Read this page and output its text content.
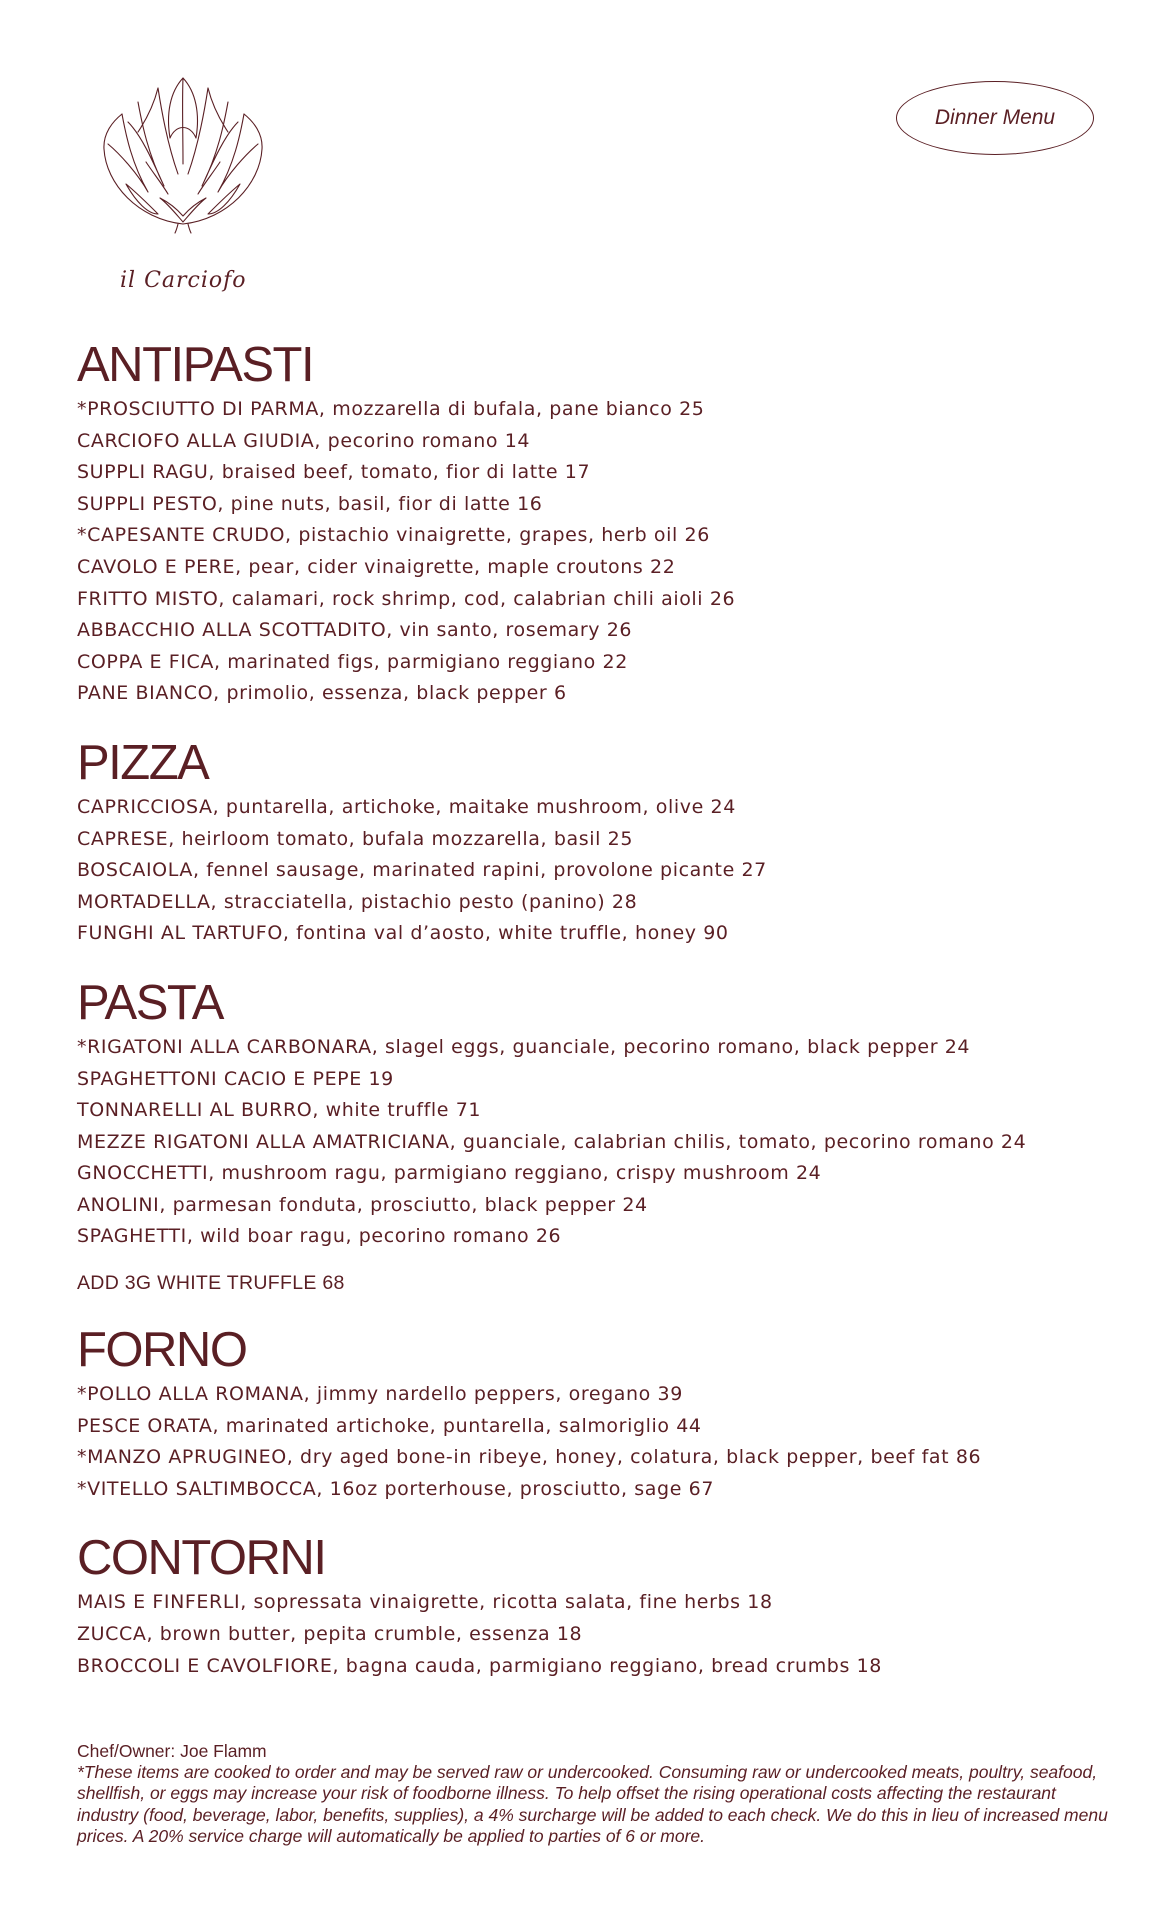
il Carciofo
Dinner Menu
ANTIPASTI
*PROSCIUTTO DI PARMA, mozzarella di bufala, pane bianco 25
CARCIOFO ALLA GIUDIA, pecorino romano 14
SUPPLI RAGU, braised beef, tomato, fior di latte 17
SUPPLI PESTO, pine nuts, basil, fior di latte 16
*CAPESANTE CRUDO, pistachio vinaigrette, grapes, herb oil 26
CAVOLO E PERE, pear, cider vinaigrette, maple croutons 22
FRITTO MISTO, calamari, rock shrimp, cod, calabrian chili aioli 26
ABBACCHIO ALLA SCOTTADITO, vin santo, rosemary 26
COPPA E FICA, marinated figs, parmigiano reggiano 22
PANE BIANCO, primolio, essenza, black pepper 6
PIZZA
CAPRICCIOSA, puntarella, artichoke, maitake mushroom, olive 24
CAPRESE, heirloom tomato, bufala mozzarella, basil 25
BOSCAIOLA, fennel sausage, marinated rapini, provolone picante 27
MORTADELLA, stracciatella, pistachio pesto (panino) 28
FUNGHI AL TARTUFO, fontina val d’aosto, white truffle, honey 90
PASTA
*RIGATONI ALLA CARBONARA, slagel eggs, guanciale, pecorino romano, black pepper 24
SPAGHETTONI CACIO E PEPE 19
TONNARELLI AL BURRO, white truffle 71
MEZZE RIGATONI ALLA AMATRICIANA, guanciale, calabrian chilis, tomato, pecorino romano 24
GNOCCHETTI, mushroom ragu, parmigiano reggiano, crispy mushroom 24
ANOLINI, parmesan fonduta, prosciutto, black pepper 24
SPAGHETTI, wild boar ragu, pecorino romano 26
ADD 3G WHITE TRUFFLE 68
FORNO
*POLLO ALLA ROMANA, jimmy nardello peppers, oregano 39
PESCE ORATA, marinated artichoke, puntarella, salmoriglio 44
*MANZO APRUGINEO, dry aged bone-in ribeye, honey, colatura, black pepper, beef fat 86
*VITELLO SALTIMBOCCA, 16oz porterhouse, prosciutto, sage 67
CONTORNI
MAIS E FINFERLI, sopressata vinaigrette, ricotta salata, fine herbs 18
ZUCCA, brown butter, pepita crumble, essenza 18
BROCCOLI E CAVOLFIORE, bagna cauda, parmigiano reggiano, bread crumbs 18
Chef/Owner: Joe Flamm
*These items are cooked to order and may be served raw or undercooked. Consuming raw or undercooked meats, poultry, seafood, shellfish, or eggs may increase your risk of foodborne illness. To help offset the rising operational costs affecting the restaurant industry (food, beverage, labor, benefits, supplies), a 4% surcharge will be added to each check. We do this in lieu of increased menu prices. A 20% service charge will automatically be applied to parties of 6 or more.
